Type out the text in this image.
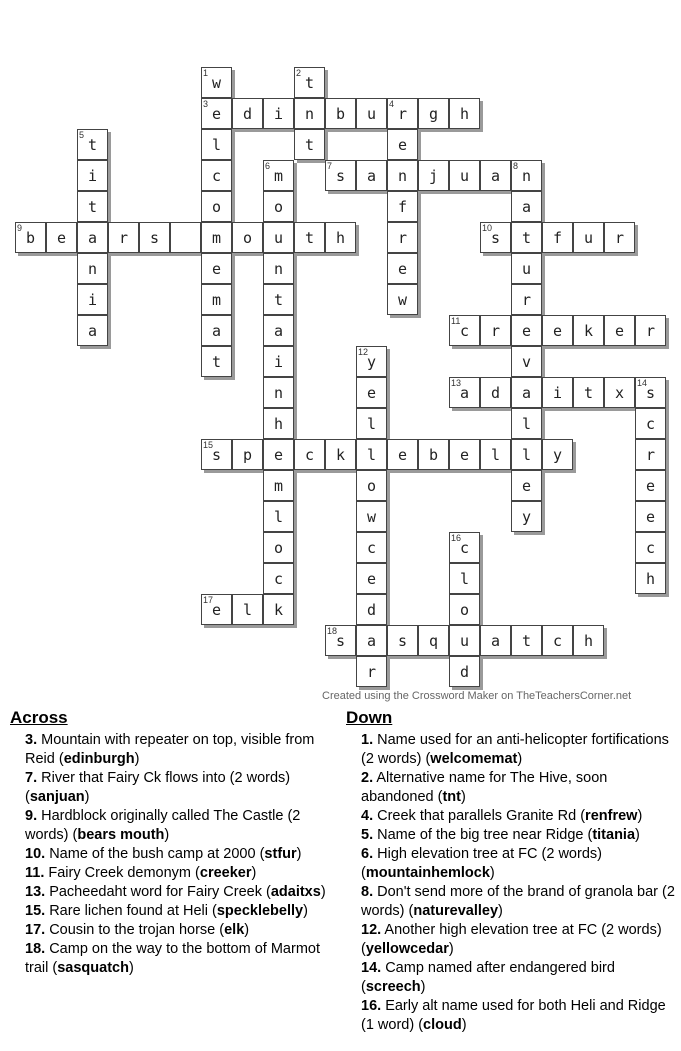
1
w
2
t
3
e	d	i	n	b	u
4
r	g	h
5
t	l	t	e
i	c
6
m
7
s	a	n	j	u	a
8
n
t	o	o	f	a
9
b	e	a	r	s	m	o	u	t	h	r
10
s	t	f	u	r
n	e	n	e	u
i	m	t	w	r
a	a	a
11
c	r	e	e	k	e	r
t	i
12
y	v
n	e
13
a	d	a	i	t	x
14
s
h	l	l	c
15
s	p	e	c	k	l	e	b	e	l	l	y	r
m	o	e	e
l	w	y	e
o	c
16
c	c
c	e	l	h
17
e	l	k	d	o
18
s	a	s	q	u	a	t	c	h
r	d
Created using the Crossword Maker on TheTeachersCorner.net
Across
3. Mountain with repeater on top, visible from Reid (edinburgh)
7. River that Fairy Ck flows into (2 words) (sanjuan)
9. Hardblock originally called The Castle (2 words) (bears mouth)
10. Name of the bush camp at 2000 (stfur)
11. Fairy Creek demonym (creeker)
13. Pacheedaht word for Fairy Creek (adaitxs)
15. Rare lichen found at Heli (specklebelly)
17. Cousin to the trojan horse (elk)
18. Camp on the way to the bottom of Marmot trail (sasquatch)
Down
1. Name used for an anti-helicopter fortifications (2 words) (welcomemat)
2. Alternative name for The Hive, soon abandoned (tnt)
4. Creek that parallels Granite Rd (renfrew)
5. Name of the big tree near Ridge (titania)
6. High elevation tree at FC (2 words) (mountainhemlock)
8. Don't send more of the brand of granola bar (2 words) (naturevalley)
12. Another high elevation tree at FC (2 words) (yellowcedar)
14. Camp named after endangered bird (screech)
16. Early alt name used for both Heli and Ridge (1 word) (cloud)
